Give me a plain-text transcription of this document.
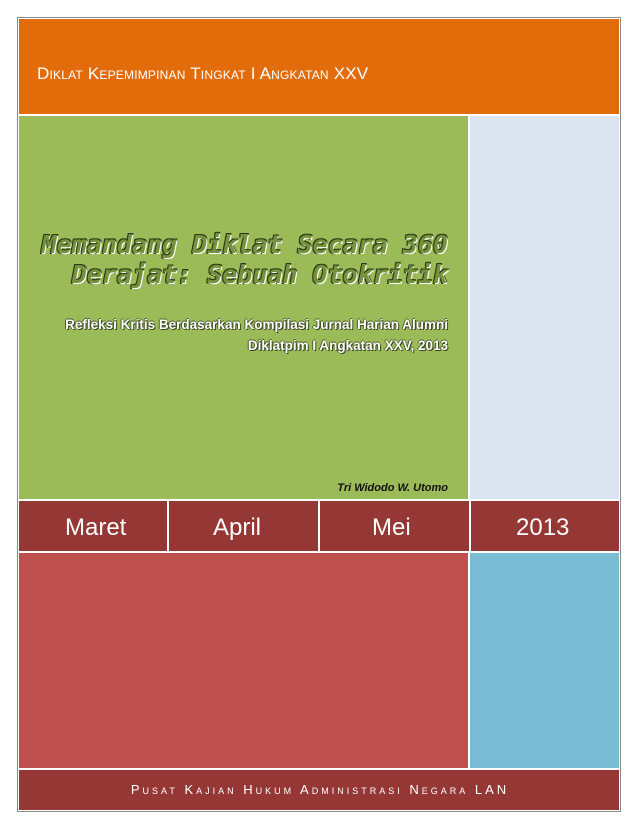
Diklat Kepemimpinan Tingkat I Angkatan XXV
Memandang Diklat Secara 360
Derajat: Sebuah Otokritik
Refleksi Kritis Berdasarkan Kompilasi Jurnal Harian Alumni
Diklatpim I Angkatan XXV, 2013
Tri Widodo W. Utomo
Maret	April	Mei	2013
Pusat Kajian Hukum Administrasi Negara LAN
